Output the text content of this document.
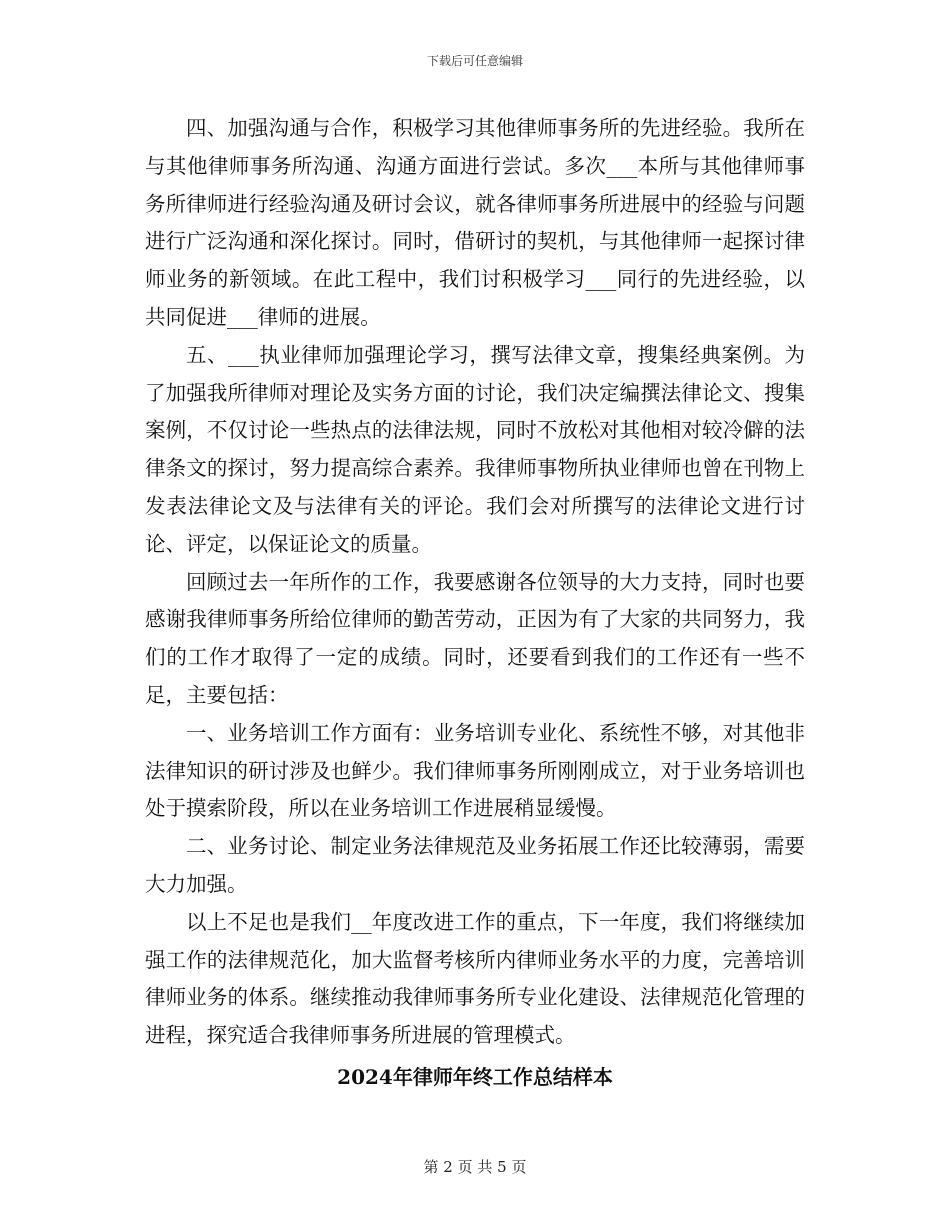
下载后可任意编辑

四、加强沟通与合作，积极学习其他律师事务所的先进经验。我所在与其他律师事务所沟通、沟通方面进行尝试。多次___本所与其他律师事务所律师进行经验沟通及研讨会议，就各律师事务所进展中的经验与问题进行广泛沟通和深化探讨。同时，借研讨的契机，与其他律师一起探讨律师业务的新领域。在此工程中，我们讨积极学习___同行的先进经验，以共同促进___律师的进展。

五、___执业律师加强理论学习，撰写法律文章，搜集经典案例。为了加强我所律师对理论及实务方面的讨论，我们决定编撰法律论文、搜集案例，不仅讨论一些热点的法律法规，同时不放松对其他相对较冷僻的法律条文的探讨，努力提高综合素养。我律师事物所执业律师也曾在刊物上发表法律论文及与法律有关的评论。我们会对所撰写的法律论文进行讨论、评定，以保证论文的质量。

回顾过去一年所作的工作，我要感谢各位领导的大力支持，同时也要感谢我律师事务所给位律师的勤苦劳动，正因为有了大家的共同努力，我们的工作才取得了一定的成绩。同时，还要看到我们的工作还有一些不足，主要包括：

一、业务培训工作方面有：业务培训专业化、系统性不够，对其他非法律知识的研讨涉及也鲜少。我们律师事务所刚刚成立，对于业务培训也处于摸索阶段，所以在业务培训工作进展稍显缓慢。

二、业务讨论、制定业务法律规范及业务拓展工作还比较薄弱，需要大力加强。

以上不足也是我们__年度改进工作的重点，下一年度，我们将继续加强工作的法律规范化，加大监督考核所内律师业务水平的力度，完善培训律师业务的体系。继续推动我律师事务所专业化建设、法律规范化管理的进程，探究适合我律师事务所进展的管理模式。

2024年律师年终工作总结样本
第 2 页 共 5 页
